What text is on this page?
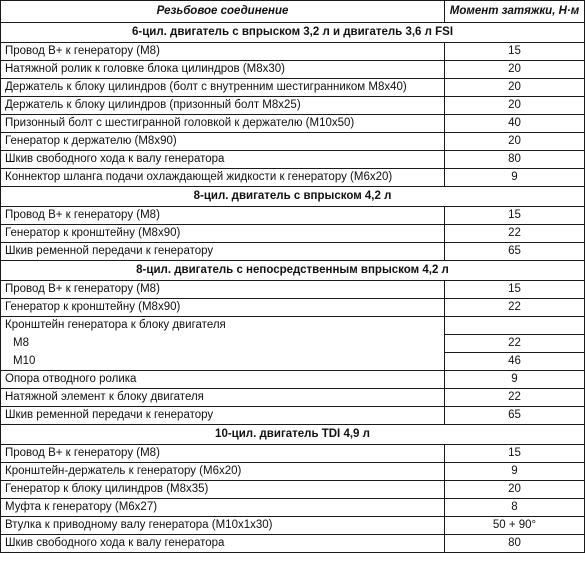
Резьбовое соединение	Момент затяжки, Н·м
6-цил. двигатель с впрыском 3,2 л и двигатель 3,6 л FSI	
Провод B+ к генератору (M8)	15
Натяжной ролик к головке блока цилиндров (M8x30)	20
Держатель к блоку цилиндров (болт с внутренним шестигранником M8x40)	20
Держатель к блоку цилиндров (призонный болт M8x25)	20
Призонный болт с шестигранной головкой к держателю (M10x50)	40
Генератор к держателю (M8x90)	20
Шкив свободного хода к валу генератора	80
Коннектор шланга подачи охлаждающей жидкости к генератору (M6x20)	9
8-цил. двигатель с впрыском 4,2 л	
Провод B+ к генератору (M8)	15
Генератор к кронштейну (M8x90)	22
Шкив ременной передачи к генератору	65
8-цил. двигатель с непосредственным впрыском 4,2 л	
Провод B+ к генератору (M8)	15
Генератор к кронштейну (M8x90)	22
Кронштейн генератора к блоку двигателя	
M8	22
M10	46
Опора отводного ролика	9
Натяжной элемент к блоку двигателя	22
Шкив ременной передачи к генератору	65
10-цил. двигатель TDI 4,9 л	
Провод B+ к генератору (M8)	15
Кронштейн-держатель к генератору (M6x20)	9
Генератор к блоку цилиндров (M8x35)	20
Муфта к генератору (M6x27)	8
Втулка к приводному валу генератора (M10x1x30)	50 + 90°
Шкив свободного хода к валу генератора	80
